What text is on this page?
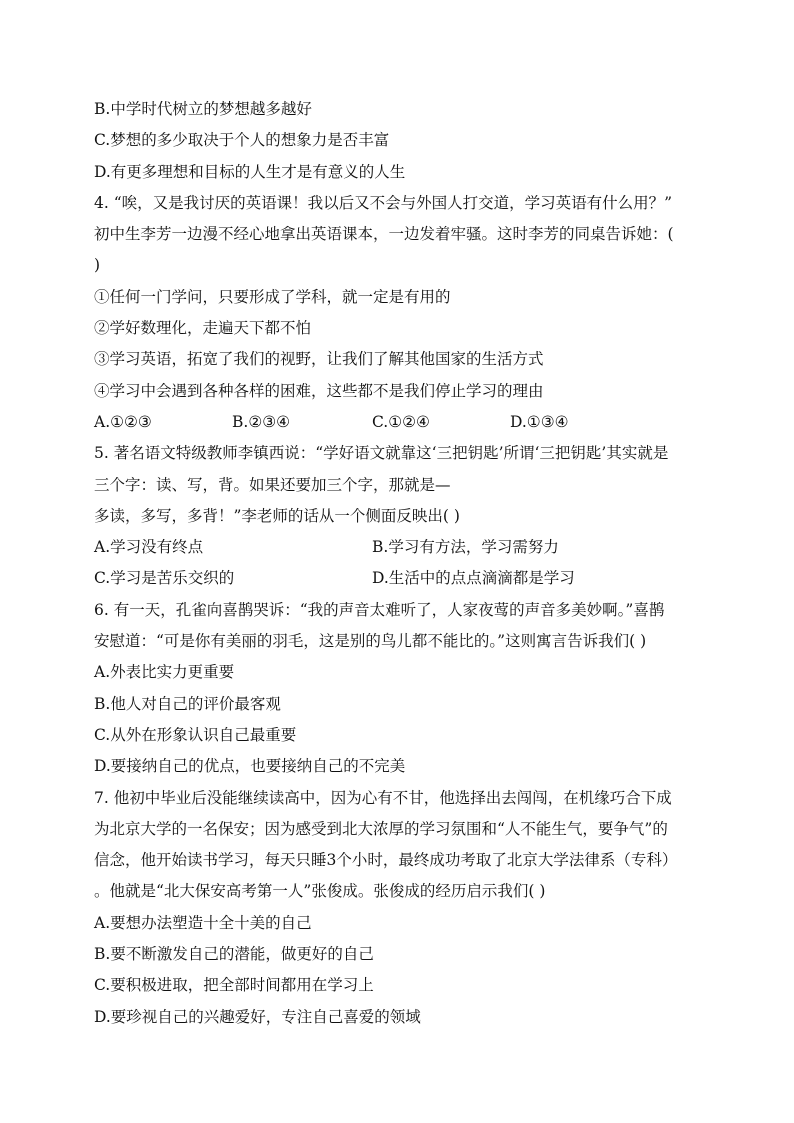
B.中学时代树立的梦想越多越好
C.梦想的多少取决于个人的想象力是否丰富
D.有更多理想和目标的人生才是有意义的人生
4. “唉，又是我讨厌的英语课！我以后又不会与外国人打交道，学习英语有什么用？”
初中生李芳一边漫不经心地拿出英语课本，一边发着牢骚。这时李芳的同桌告诉她：(
)
①任何一门学问，只要形成了学科，就一定是有用的
②学好数理化，走遍天下都不怕
③学习英语，拓宽了我们的视野，让我们了解其他国家的生活方式
④学习中会遇到各种各样的困难，这些都不是我们停止学习的理由
A.①②③	B.②③④	C.①②④	D.①③④
5. 著名语文特级教师李镇西说：“学好语文就靠这‘三把钥匙’所谓‘三把钥匙’其实就是
三个字：读、写，背。如果还要加三个字，那就是—
多读，多写，多背！”李老师的话从一个侧面反映出( )
A.学习没有终点	B.学习有方法，学习需努力
C.学习是苦乐交织的	D.生活中的点点滴滴都是学习
6. 有一天，孔雀向喜鹊哭诉：“我的声音太难听了，人家夜莺的声音多美妙啊。”喜鹊
安慰道：“可是你有美丽的羽毛，这是别的鸟儿都不能比的。”这则寓言告诉我们( )
A.外表比实力更重要
B.他人对自己的评价最客观
C.从外在形象认识自己最重要
D.要接纳自己的优点，也要接纳自己的不完美
7. 他初中毕业后没能继续读高中，因为心有不甘，他选择出去闯闯，在机缘巧合下成
为北京大学的一名保安；因为感受到北大浓厚的学习氛围和“人不能生气，要争气”的
信念，他开始读书学习，每天只睡3个小时，最终成功考取了北京大学法律系（专科）
。他就是“北大保安高考第一人”张俊成。张俊成的经历启示我们( )
A.要想办法塑造十全十美的自己
B.要不断激发自己的潜能，做更好的自己
C.要积极进取，把全部时间都用在学习上
D.要珍视自己的兴趣爱好，专注自己喜爱的领域
